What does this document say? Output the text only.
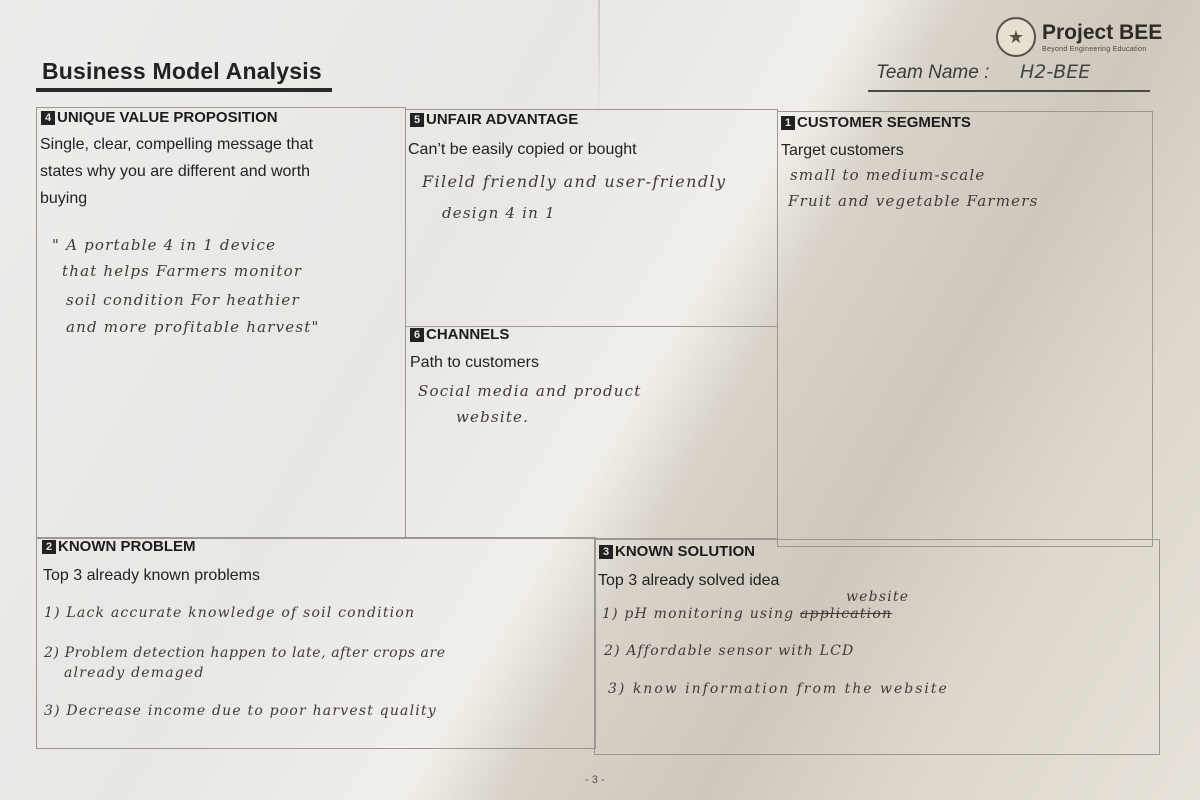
Business Model Analysis
★ Project BEE
Beyond Engineering Education
Team Name : H2-BEE
4 UNIQUE VALUE PROPOSITION
Single, clear, compelling message that
states why you are different and worth
buying
" A portable 4 in 1 device
that helps Farmers monitor
soil condition For heathier
and more profitable harvest"
5 UNFAIR ADVANTAGE
Can’t be easily copied or bought
Fileld friendly and user-friendly
design 4 in 1
1 CUSTOMER SEGMENTS
Target customers
small to medium-scale
Fruit and vegetable Farmers
6 CHANNELS
Path to customers
Social media and product
website.
2 KNOWN PROBLEM
Top 3 already known problems
1) Lack accurate knowledge of soil condition
2) Problem detection happen to late, after crops are
already demaged
3) Decrease income due to poor harvest quality
3 KNOWN SOLUTION
Top 3 already solved idea
website
1) pH monitoring using application
2) Affordable sensor with LCD
3) know information from the website
- 3 -
